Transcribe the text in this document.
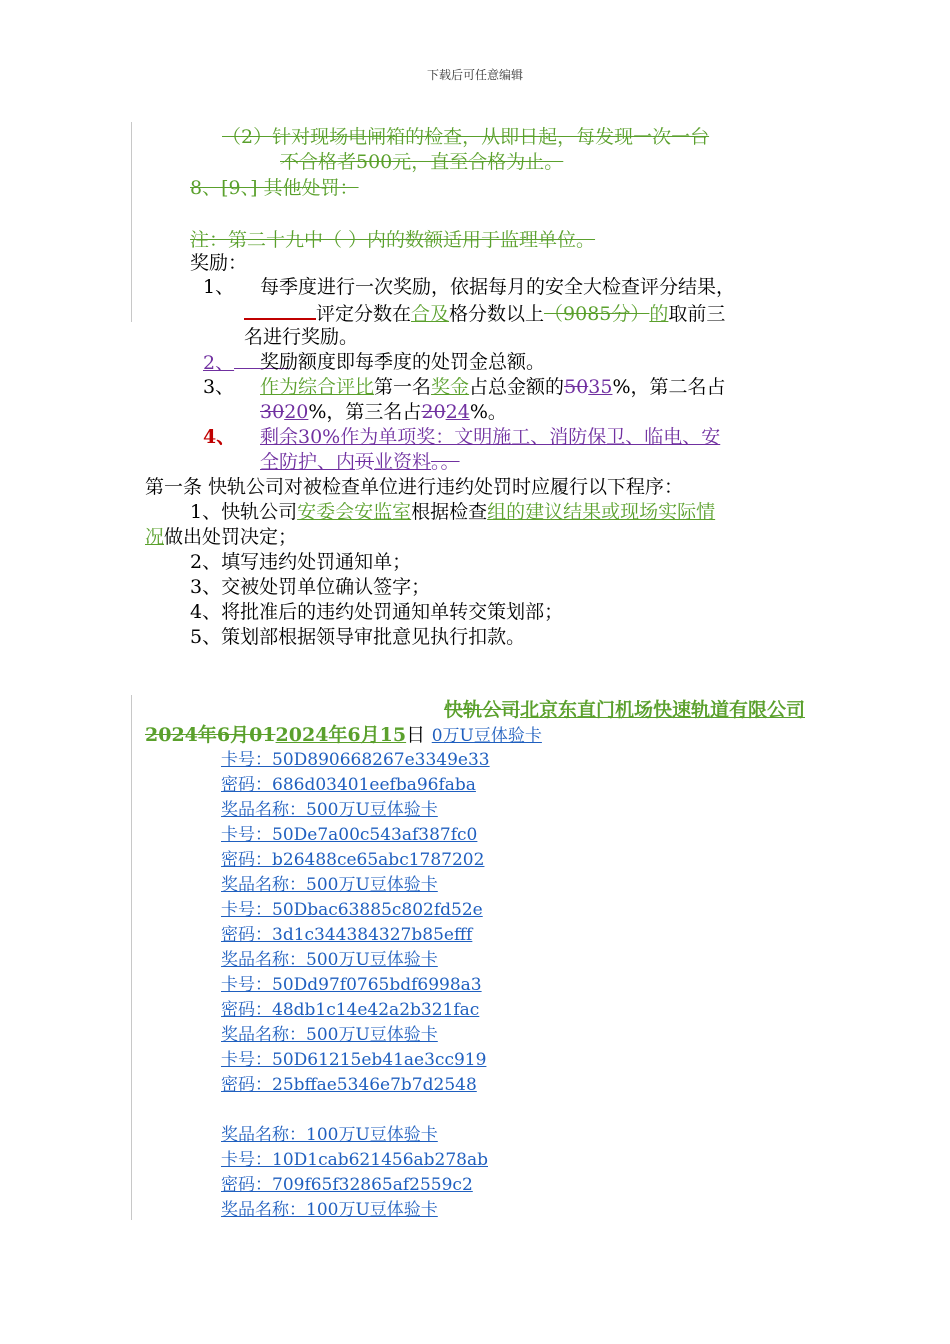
下载后可任意编辑
（2）针对现场电闸箱的检查，从即日起，每发现一次一台
不合格者500元，直至合格为止。
8、[9、] 其他处罚：
注：第二十九中（ ）内的数额适用于监理单位。
奖励：
1、 每季度进行一次奖励，依据每月的安全大检查评分结果，
评定分数在合及格分数以上（9085分）的取前三
名进行奖励。
2、	奖励额度即每季度的处罚金总额。
3、 作为综合评比第一名奖金占总金额的5035%，第二名占
3020%，第三名占2024%。
4、 剩余30%作为单项奖：文明施工、消防保卫、临电、安
全防护、内页业资料。。
第一条 快轨公司对被检查单位进行违约处罚时应履行以下程序：
1、快轨公司安委会安监室根据检查组的建议结果或现场实际情
况做出处罚决定；
2、填写违约处罚通知单；
3、交被处罚单位确认签字；
4、将批准后的违约处罚通知单转交策划部；
5、策划部根据领导审批意见执行扣款。
快轨公司北京东直门机场快速轨道有限公司
2024年6月012024年6月15日 0万U豆体验卡
卡号：50D890668267e3349e33
密码：686d03401eefba96faba
奖品名称：500万U豆体验卡
卡号：50De7a00c543af387fc0
密码：b26488ce65abc1787202
奖品名称：500万U豆体验卡
卡号：50Dbac63885c802fd52e
密码：3d1c344384327b85efff
奖品名称：500万U豆体验卡
卡号：50Dd97f0765bdf6998a3
密码：48db1c14e42a2b321fac
奖品名称：500万U豆体验卡
卡号：50D61215eb41ae3cc919
密码：25bffae5346e7b7d2548
奖品名称：100万U豆体验卡
卡号：10D1cab621456ab278ab
密码：709f65f32865af2559c2
奖品名称：100万U豆体验卡
